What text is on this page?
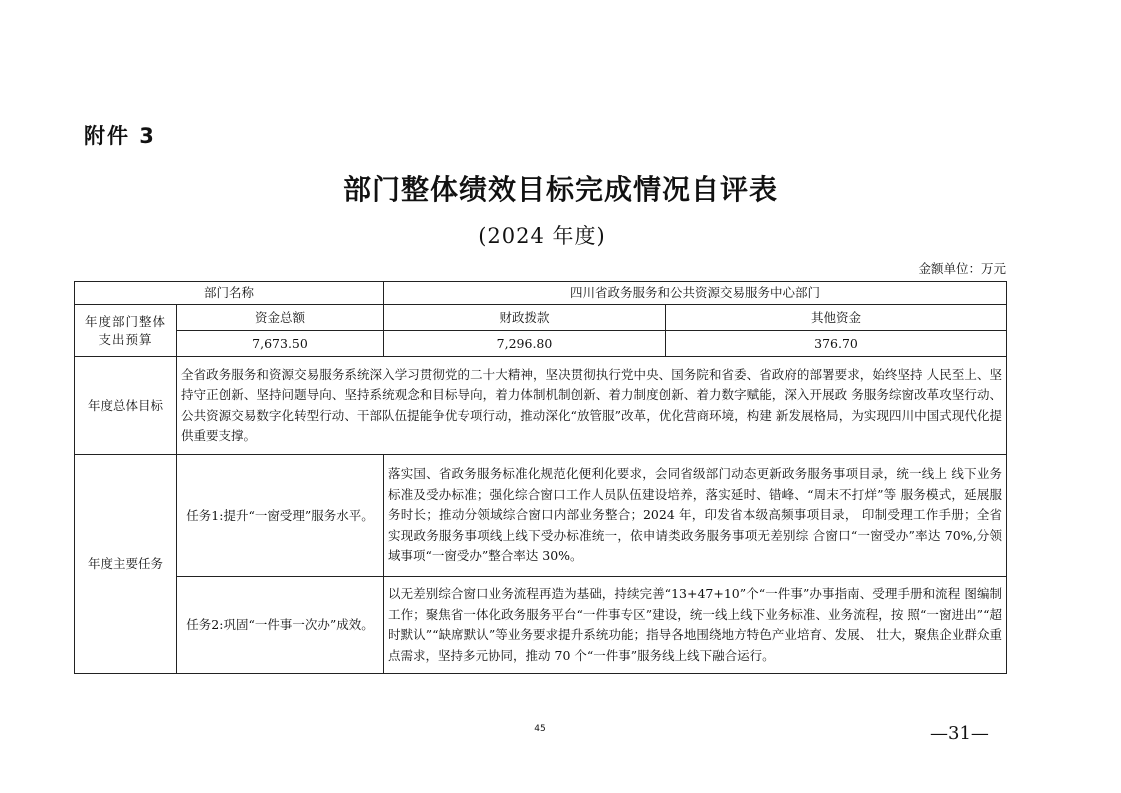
附件 3
部门整体绩效目标完成情况自评表
(2024 年度)
金额单位：万元
部门名称		四川省政务服务和公共资源交易服务中心部门	

年度部门整体
支出预算	资金总额	财政拨款	其他资金
	7,673.50	7,296.80	376.70
年度总体目标	全省政务服务和资源交易服务系统深入学习贯彻党的二十大精神，坚决贯彻执行党中央、国务院和省委、省政府的部署要求，始终坚持 人民至上、坚持守正创新、坚持问题导向、坚持系统观念和目标导向，着力体制机制创新、着力制度创新、着力数字赋能，深入开展政 务服务综窗改革攻坚行动、公共资源交易数字化转型行动、干部队伍提能争优专项行动，推动深化“放管服”改革，优化营商环境，构建 新发展格局，为实现四川中国式现代化提供重要支撑。		
年度主要任务	任务1:提升“一窗受理”服务水平。	落实国、省政务服务标准化规范化便利化要求，会同省级部门动态更新政务服务事项目录，统一线上 线下业务标准及受办标准；强化综合窗口工作人员队伍建设培养，落实延时、错峰、“周末不打烊”等 服务模式，延展服务时长；推动分领域综合窗口内部业务整合；2024 年，印发省本级高频事项目录， 印制受理工作手册；全省实现政务服务事项线上线下受办标准统一，依申请类政务服务事项无差别综 合窗口“一窗受办”率达 70%,分领域事项“一窗受办”整合率达 30%。	
	任务2:巩固“一件事一次办”成效。	以无差别综合窗口业务流程再造为基础，持续完善“13+47+10”个“一件事”办事指南、受理手册和流程 图编制工作；聚焦省一体化政务服务平台“一件事专区”建设，统一线上线下业务标准、业务流程，按 照“一窗进出”“超时默认”“缺席默认”等业务要求提升系统功能；指导各地围绕地方特色产业培育、发展、 壮大，聚焦企业群众重点需求，坚持多元协同，推动 70 个“一件事”服务线上线下融合运行。	
45	—31—
